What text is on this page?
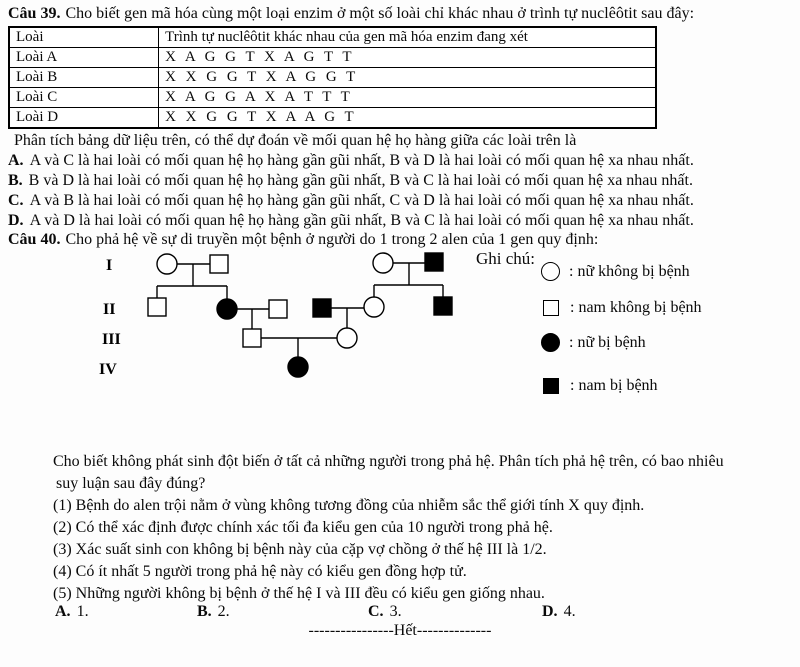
Câu 39. Cho biết gen mã hóa cùng một loại enzim ở một số loài chỉ khác nhau ở trình tự nuclêôtit sau đây:
Loài	Trình tự nuclêôtit khác nhau của gen mã hóa enzim đang xét
Loài A	X A G G T X A G T T
Loài B	X X G G T X A G G T
Loài C	X A G G A X A T T T
Loài D	X X G G T X A A G T
Phân tích bảng dữ liệu trên, có thể dự đoán về mối quan hệ họ hàng giữa các loài trên là
A. A và C là hai loài có mối quan hệ họ hàng gần gũi nhất, B và D là hai loài có mối quan hệ xa nhau nhất.
B. B và D là hai loài có mối quan hệ họ hàng gần gũi nhất, B và C là hai loài có mối quan hệ xa nhau nhất.
C. A và B là hai loài có mối quan hệ họ hàng gần gũi nhất, C và D là hai loài có mối quan hệ xa nhau nhất.
D. A và D là hai loài có mối quan hệ họ hàng gần gũi nhất, B và C là hai loài có mối quan hệ xa nhau nhất.
Câu 40. Cho phả hệ về sự di truyền một bệnh ở người do 1 trong 2 alen của 1 gen quy định:
I
II
III
IV
Ghi chú:
: nữ không bị bệnh
: nam không bị bệnh
: nữ bị bệnh
: nam bị bệnh
Cho biết không phát sinh đột biến ở tất cả những người trong phả hệ. Phân tích phả hệ trên, có bao nhiêu
suy luận sau đây đúng?
(1) Bệnh do alen trội nằm ở vùng không tương đồng của nhiễm sắc thể giới tính X quy định.
(2) Có thể xác định được chính xác tối đa kiểu gen của 10 người trong phả hệ.
(3) Xác suất sinh con không bị bệnh này của cặp vợ chồng ở thế hệ III là 1/2.
(4) Có ít nhất 5 người trong phả hệ này có kiểu gen đồng hợp tử.
(5) Những người không bị bệnh ở thế hệ I và III đều có kiểu gen giống nhau.
A. 1.	B. 2.	C. 3.	D. 4.
----------------Hết--------------
